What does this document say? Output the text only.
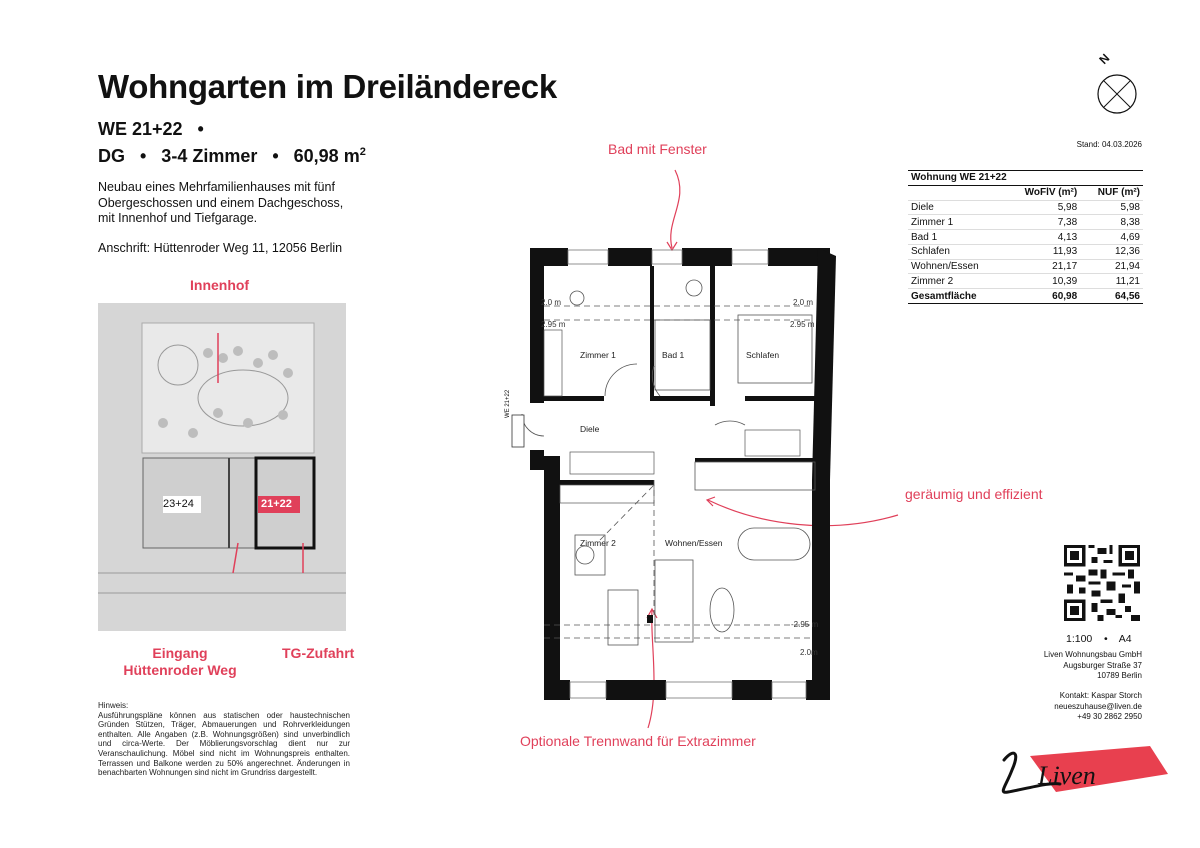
Wohngarten im Dreiländereck
WE 21+22   •
DG   •   3-4 Zimmer   •   60,98 $m^2$
Neubau eines Mehrfamilienhauses mit fünf Obergeschossen und einem Dachgeschoss, mit Innenhof und Tiefgarage.
Anschrift: Hüttenroder Weg 11, 12056 Berlin
Innenhof
23+24	21+22
Eingang
Hüttenroder Weg
TG-Zufahrt
Hinweis:
Ausführungspläne können aus statischen oder haustechnischen Gründen Stützen, Träger, Abmauerungen und Rohrverkleidungen enthalten. Alle Angaben (z.B. Wohnungsgrößen) sind unverbindlich und circa-Werte. Der Möblierungsvorschlag dient nur zur Veranschaulichung. Möbel sind nicht im Wohnungspreis enthalten. Terrassen und Balkone werden zu 50% angerechnet. Änderungen in benachbarten Wohnungen sind nicht im Grundriss dargestellt.
Bad mit Fenster
geräumig und effizient
Optionale Trennwand für Extrazimmer
Zimmer 1	Bad 1	Schlafen
Diele
Zimmer 2	Wohnen/Essen
2.0 m
2.95 m
2.0 m
2.95 m
-2.95 m
2.0m
WE 21+22
N
Stand: 04.03.2026
Wohnung WE 21+22		
	WoFlV (m²)	NUF (m²)
Diele	5,98	5,98
Zimmer 1	7,38	8,38
Bad 1	4,13	4,69
Schlafen	11,93	12,36
Wohnen/Essen	21,17	21,94
Zimmer 2	10,39	11,21
Gesamtfläche	60,98	64,56
1:100    •    A4
Liven Wohnungsbau GmbH
Augsburger Straße 37
10789 Berlin
Kontakt: Kaspar Storch
neueszuhause@liven.de
+49 30 2862 2950
Liven
